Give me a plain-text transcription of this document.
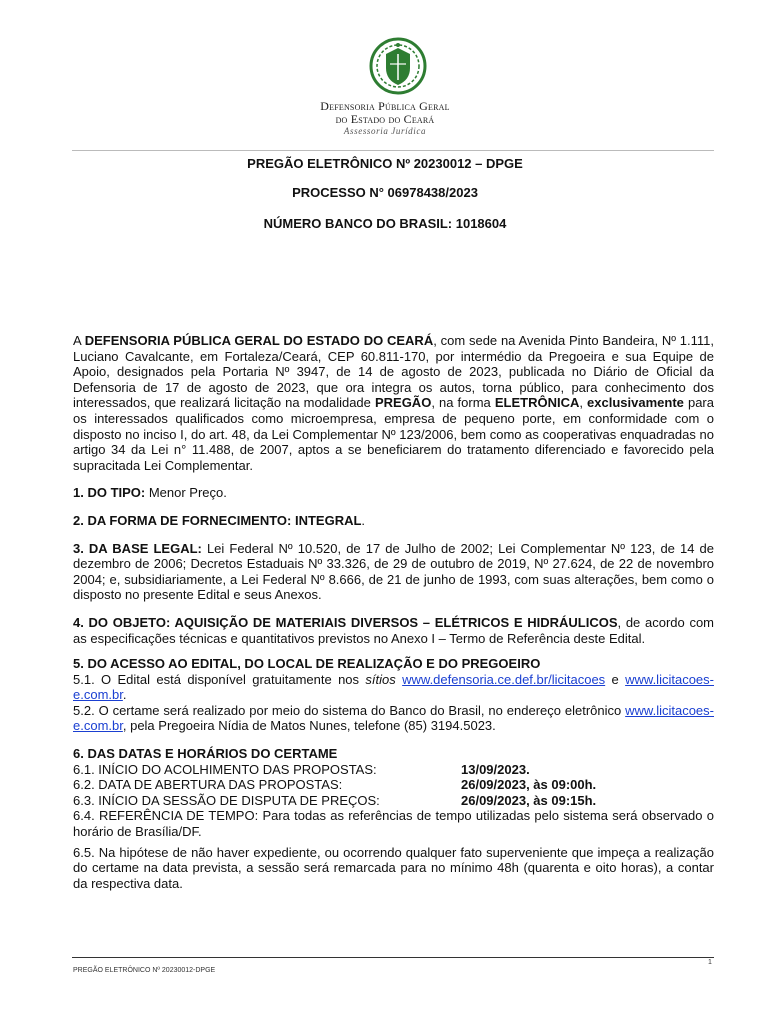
Defensoria Pública Geral
do Estado do Ceará
Assessoria Jurídica
PREGÃO ELETRÔNICO Nº 20230012 – DPGE
PROCESSO N° 06978438/2023
NÚMERO BANCO DO BRASIL: 1018604

A DEFENSORIA PÚBLICA GERAL DO ESTADO DO CEARÁ, com sede na Avenida Pinto Bandeira, Nº 1.111, Luciano Cavalcante, em Fortaleza/Ceará, CEP 60.811-170, por intermédio da Pregoeira e sua Equipe de Apoio, designados pela Portaria Nº 3947, de 14 de agosto de 2023, publicada no Diário de Oficial da Defensoria de 17 de agosto de 2023, que ora integra os autos, torna público, para conhecimento dos interessados, que realizará licitação na modalidade PREGÃO, na forma ELETRÔNICA, exclusivamente para os interessados qualificados como microempresa, empresa de pequeno porte, em conformidade com o disposto no inciso I, do art. 48, da Lei Complementar Nº 123/2006, bem como as cooperativas enquadradas no artigo 34 da Lei n° 11.488, de 2007, aptos a se beneficiarem do tratamento diferenciado e favorecido pela supracitada Lei Complementar.

1. DO TIPO: Menor Preço.

2. DA FORMA DE FORNECIMENTO: INTEGRAL.

3. DA BASE LEGAL: Lei Federal Nº 10.520, de 17 de Julho de 2002; Lei Complementar Nº 123, de 14 de dezembro de 2006; Decretos Estaduais Nº 33.326, de 29 de outubro de 2019, Nº 27.624, de 22 de novembro 2004; e, subsidiariamente, a Lei Federal Nº 8.666, de 21 de junho de 1993, com suas alterações, bem como o disposto no presente Edital e seus Anexos.

4. DO OBJETO: AQUISIÇÃO DE MATERIAIS DIVERSOS – ELÉTRICOS E HIDRÁULICOS, de acordo com as especificações técnicas e quantitativos previstos no Anexo I – Termo de Referência deste Edital.

5. DO ACESSO AO EDITAL, DO LOCAL DE REALIZAÇÃO E DO PREGOEIRO

5.1. O Edital está disponível gratuitamente nos sítios www.defensoria.ce.def.br/licitacoes e www.licitacoes-e.com.br.

5.2. O certame será realizado por meio do sistema do Banco do Brasil, no endereço eletrônico www.licitacoes-e.com.br, pela Pregoeira Nídia de Matos Nunes, telefone (85) 3194.5023.

6. DAS DATAS E HORÁRIOS DO CERTAME

6.1. INÍCIO DO ACOLHIMENTO DAS PROPOSTAS:	13/09/2023.
6.2. DATA DE ABERTURA DAS PROPOSTAS:	26/09/2023, às 09:00h.
6.3. INÍCIO DA SESSÃO DE DISPUTA DE PREÇOS:	26/09/2023, às 09:15h.

6.4. REFERÊNCIA DE TEMPO: Para todas as referências de tempo utilizadas pelo sistema será observado o horário de Brasília/DF.

6.5. Na hipótese de não haver expediente, ou ocorrendo qualquer fato superveniente que impeça a realização do certame na data prevista, a sessão será remarcada para no mínimo 48h (quarenta e oito horas), a contar da respectiva data.

PREGÃO ELETRÔNICO Nº 20230012-DPGE
1
